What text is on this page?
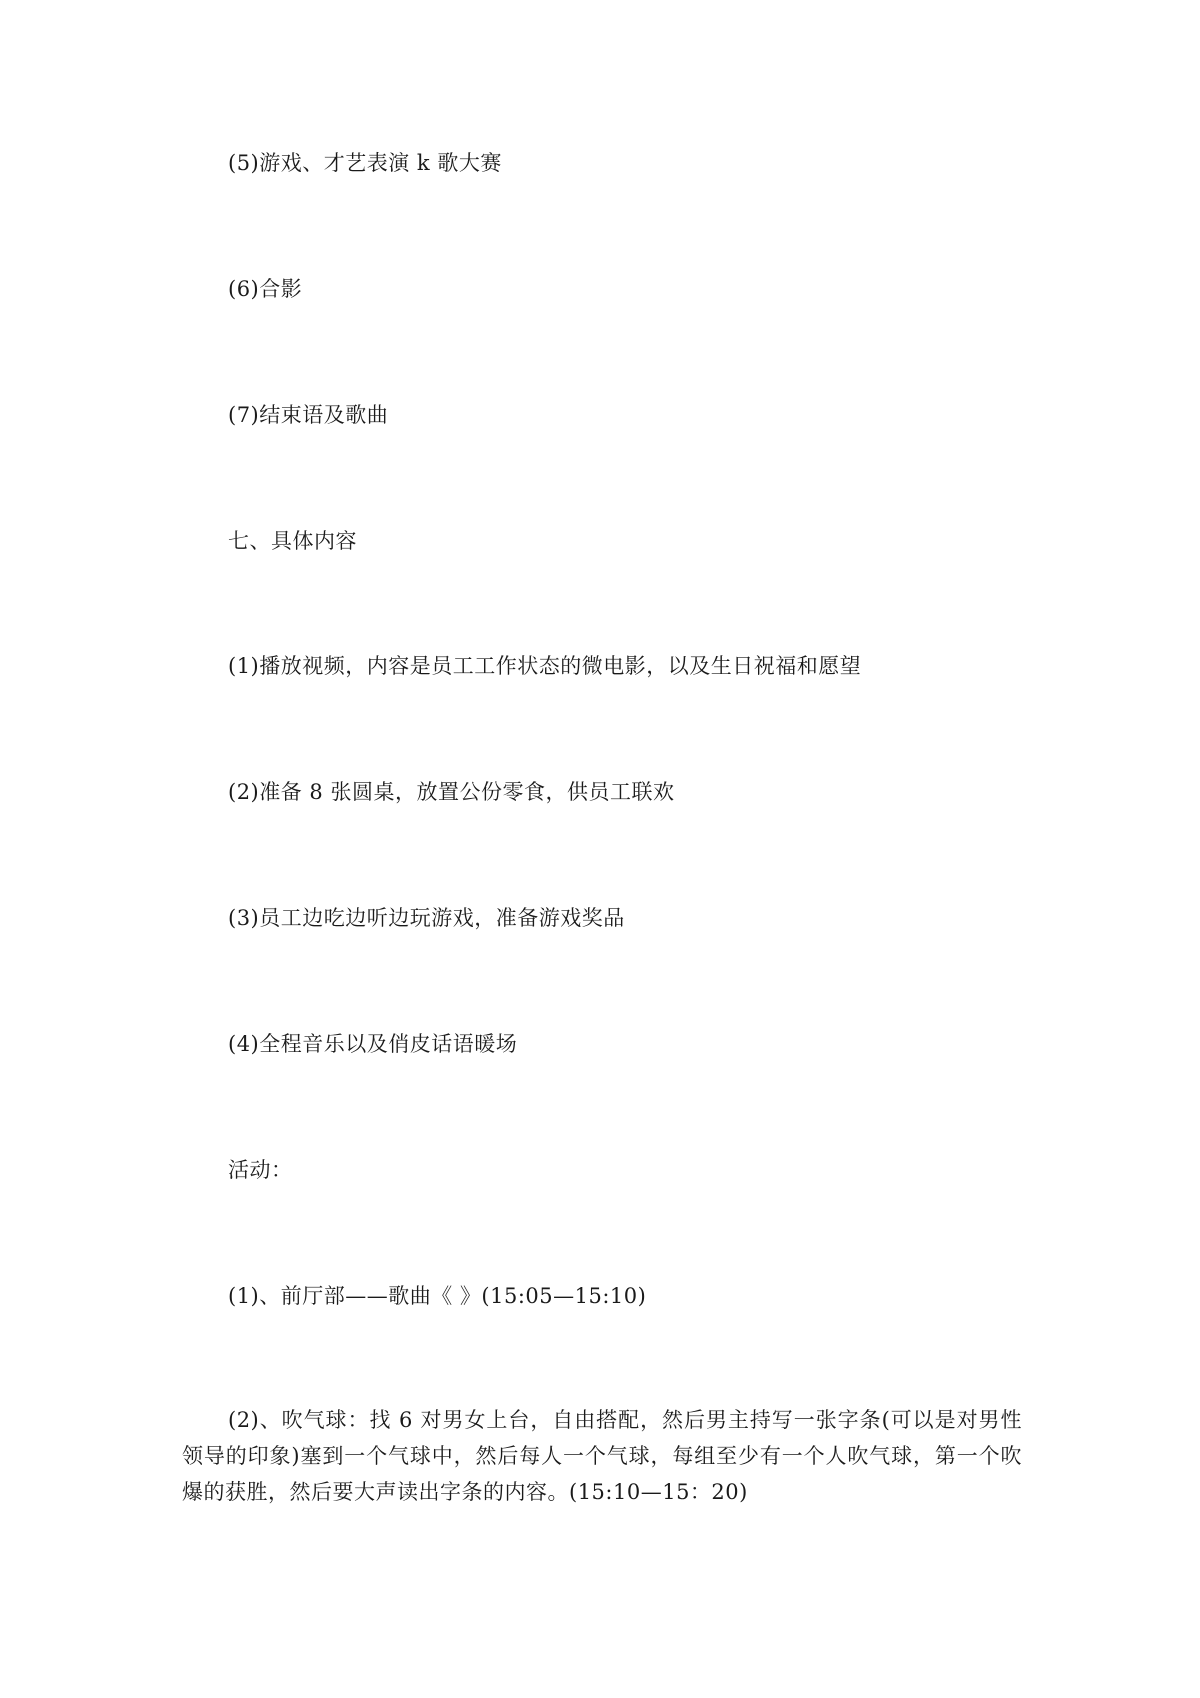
(5)游戏、才艺表演 k 歌大赛
(6)合影
(7)结束语及歌曲
七、具体内容
(1)播放视频，内容是员工工作状态的微电影，以及生日祝福和愿望
(2)准备 8 张圆桌，放置公份零食，供员工联欢
(3)员工边吃边听边玩游戏，准备游戏奖品
(4)全程音乐以及俏皮话语暖场
活动：
(1)、前厅部——歌曲《 》(15:05—15:10)
(2)、吹气球：找 6 对男女上台，自由搭配，然后男主持写一张字条(可以是对男性领导的印象)塞到一个气球中，然后每人一个气球，每组至少有一个人吹气球，第一个吹爆的获胜，然后要大声读出字条的内容。(15:10—15：20)
